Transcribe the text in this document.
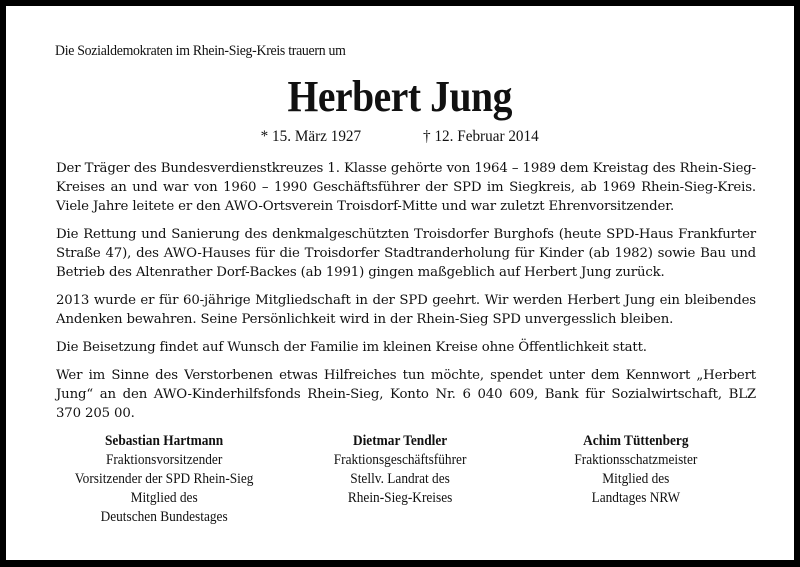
Die Sozialdemokraten im Rhein-Sieg-Kreis trauern um
Herbert Jung
* 15. März 1927	† 12. Februar 2014

Der Träger des Bundesverdienstkreuzes 1. Klasse gehörte von 1964 – 1989 dem Kreistag des Rhein-Sieg-
Kreises an und war von 1960 – 1990 Geschäftsführer der SPD im Siegkreis, ab 1969 Rhein-Sieg-Kreis.
Viele Jahre leitete er den AWO-Ortsverein Troisdorf-Mitte und war zuletzt Ehrenvorsitzender.

Die Rettung und Sanierung des denkmalgeschützten Troisdorfer Burghofs (heute SPD-Haus Frankfurter
Straße 47), des AWO-Hauses für die Troisdorfer Stadtranderholung für Kinder (ab 1982) sowie Bau und
Betrieb des Altenrather Dorf-Backes (ab 1991) gingen maßgeblich auf Herbert Jung zurück.

2013 wurde er für 60-jährige Mitgliedschaft in der SPD geehrt. Wir werden Herbert Jung ein bleibendes
Andenken bewahren. Seine Persönlichkeit wird in der Rhein-Sieg SPD unvergesslich bleiben.

Die Beisetzung findet auf Wunsch der Familie im kleinen Kreise ohne Öffentlichkeit statt.

Wer im Sinne des Verstorbenen etwas Hilfreiches tun möchte, spendet unter dem Kennwort „Herbert
Jung“ an den AWO-Kinderhilfsfonds Rhein-Sieg, Konto Nr. 6 040 609, Bank für Sozialwirtschaft, BLZ
370 205 00.

Sebastian Hartmann
Fraktionsvorsitzender
Vorsitzender der SPD Rhein-Sieg
Mitglied des
Deutschen Bundestages
Dietmar Tendler
Fraktionsgeschäftsführer
Stellv. Landrat des
Rhein-Sieg-Kreises
Achim Tüttenberg
Fraktionsschatzmeister
Mitglied des
Landtages NRW
